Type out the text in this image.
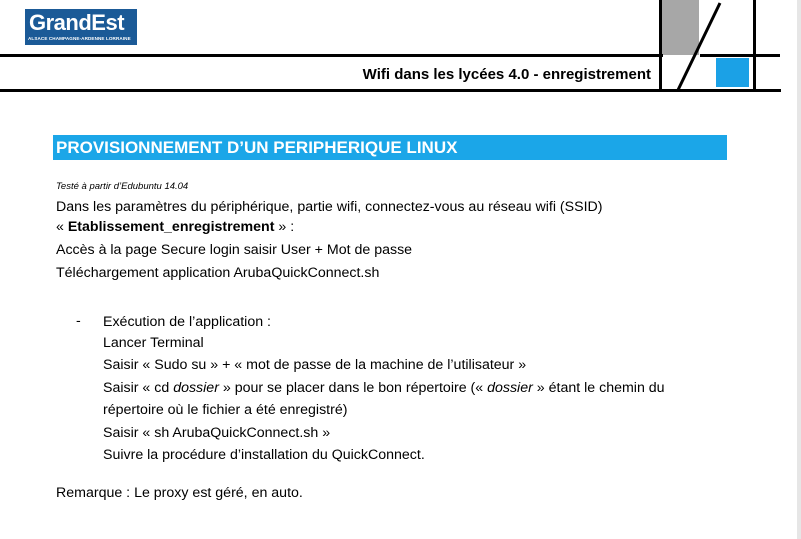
GrandEst
ALSACE CHAMPAGNE-ARDENNE LORRAINE
Wifi dans les lycées 4.0 - enregistrement
PROVISIONNEMENT D’UN PERIPHERIQUE LINUX
Testé à partir d’Edubuntu 14.04
Dans les paramètres du périphérique, partie wifi, connectez-vous au réseau wifi (SSID)
« Etablissement_enregistrement » :
Accès à la page Secure login saisir User + Mot de passe
Téléchargement application ArubaQuickConnect.sh
- Exécution de l’application :
Lancer Terminal
Saisir « Sudo su » + « mot de passe de la machine de l’utilisateur »
Saisir « cd dossier » pour se placer dans le bon répertoire (« dossier » étant le chemin du
répertoire où le fichier a été enregistré)
Saisir « sh ArubaQuickConnect.sh »
Suivre la procédure d’installation du QuickConnect.
Remarque : Le proxy est géré, en auto.
